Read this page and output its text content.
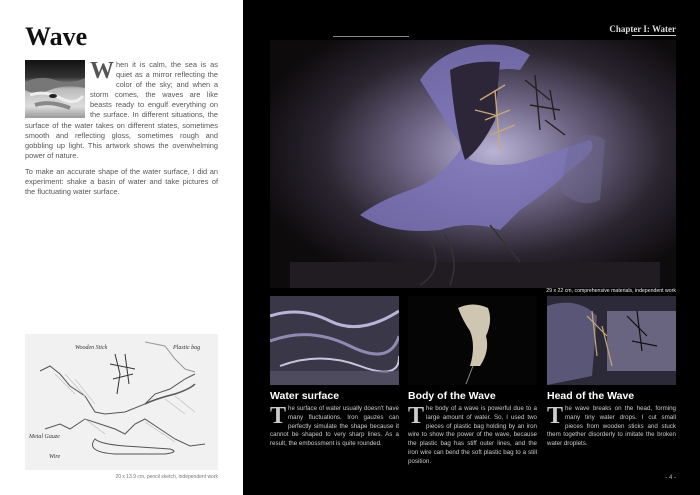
Wave

When it is calm, the sea is as quiet as a mirror reflecting the color of the sky; and when a storm comes, the waves are like beasts ready to engulf everything on the surface. In different situations, the surface of the water takes on different states, sometimes smooth and reflecting gloss, sometimes rough and gobbling up light. This artwork shows the overwhelming power of nature.

To make an accurate shape of the water surface, I did an experiment: shake a basin of water and take pictures of the fluctuating water surface.

Wooden Stick	Plastic bag
Metal Gauze
Wire
20 x 13.9 cm, pencil sketch, independent work
Chapter I: Water
29 x 22 cm, comprehensive materials, independent work
Water surface
The surface of water usually doesn't have many fluctuations. Iron gauzes can perfectly simulate the shape because it cannot be shaped to very sharp lines. As a result, the embossment is quite rounded.
Body of the Wave
The body of a wave is powerful due to a large amount of water. So, I used two pieces of plastic bag holding by an iron wire to show the power of the wave, because the plastic bag has stiff outer lines, and the iron wire can bend the soft plastic bag to a still position.
Head of the Wave
The wave breaks on the head, forming many tiny water drops. I cut small pieces from wooden sticks and stuck them together disorderly to imitate the broken water droplets.
- 4 -
